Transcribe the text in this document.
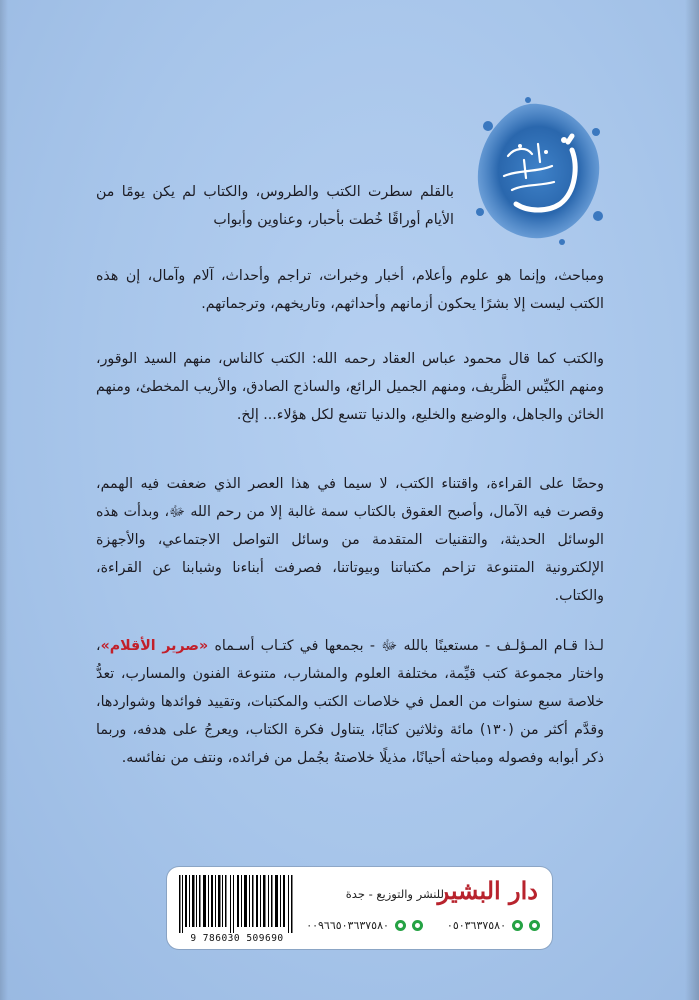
بالقلم سطرت الكتب والطروس، والكتاب لم يكن يومًا من الأيام أوراقًا خُطت بأحبار، وعناوين وأبواب
ومباحث، وإنما هو علوم وأعلام، أخبار وخبرات، تراجم وأحداث، آلام وآمال، إن هذه الكتب ليست إلا بشرًا يحكون أزمانهم وأحداثهم، وتاريخهم، وترجماتهم.
والكتب كما قال محمود عباس العقاد رحمه الله: الكتب كالناس، منهم السيد الوقور، ومنهم الكيِّس الظَّريف، ومنهم الجميل الرائع، والساذج الصادق، والأريب المخطئ، ومنهم الخائن والجاهل، والوضيع والخليع، والدنيا تتسع لكل هؤلاء... إلخ.
وحضًا على القراءة، واقتناء الكتب، لا سيما في هذا العصر الذي ضعفت فيه الهمم، وقصرت فيه الآمال، وأصبح العقوق بالكتاب سمة غالبة إلا من رحم الله ﷻ، وبدأت هذه الوسائل الحديثة، والتقنيات المتقدمة من وسائل التواصل الاجتماعي، والأجهزة الإلكترونية المتنوعة تزاحم مكتباتنا وبيوتاتنا، فصرفت أبناءنا وشبابنا عن القراءة، والكتاب.
لـذا قـام المـؤلـف - مستعينًا بالله ﷻ - بجمعها في كتـاب أسـماه «صرير الأقلام»، واختار مجموعة كتب قيِّمة، مختلفة العلوم والمشارب، متنوعة الفنون والمسارب، تعدُّ خلاصة سبع سنوات من العمل في خلاصات الكتب والمكتبات، وتقييد فوائدها وشواردها، وقدَّم أكثر من (١٣٠) مائة وثلاثين كتابًا، يتناول فكرة الكتاب، ويعرجُ على هدفه، وربما ذكر أبوابه وفصوله ومباحثه أحيانًا، مذيلًا خلاصتهُ بجُمل من فرائده، ونتف من نفائسه.
9 786030 509690
دار البشير
للنشر والتوزيع - جدة
٠٥٠٣٦٣٧٥٨٠
٠٠٩٦٦٥٠٣٦٣٧٥٨٠
